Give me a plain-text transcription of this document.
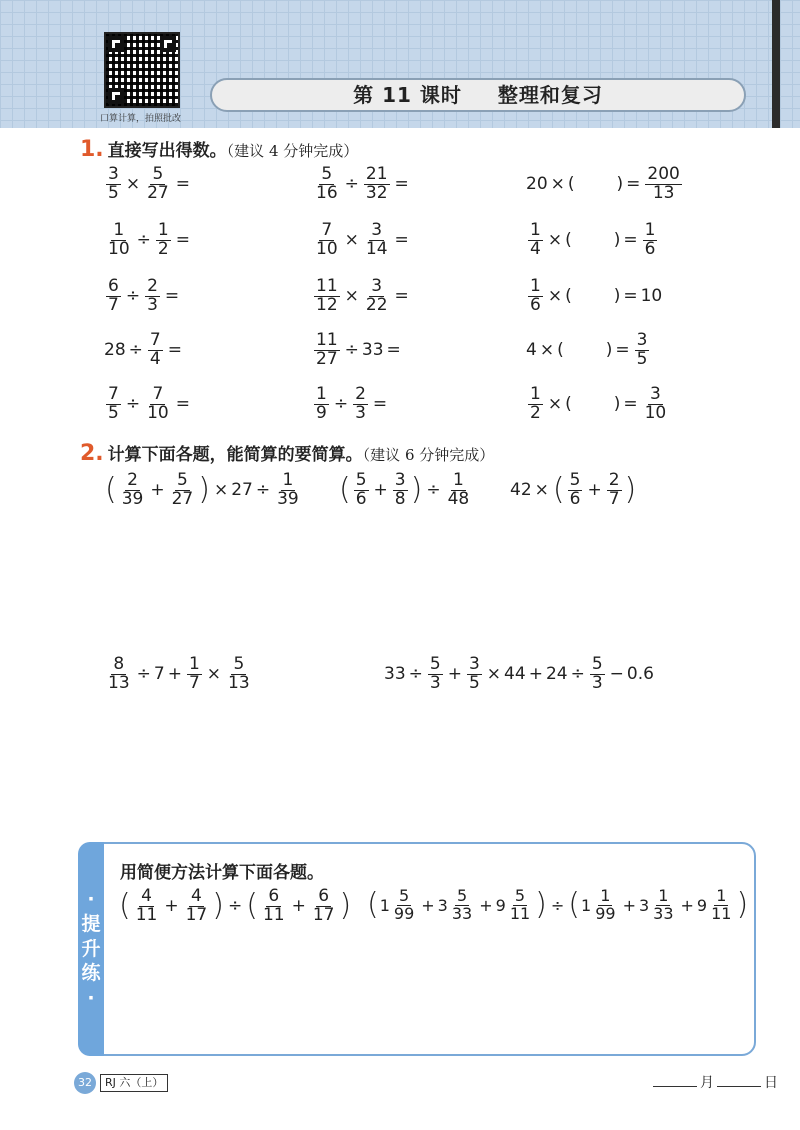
口算计算，拍照批改
第 11 课时 整理和复习
1. 直接写出得数。（建议 4 分钟完成）
$\frac{3}{5} \times \frac{5}{27}$ =	$\frac{5}{16} \div \frac{21}{32}$ =	20 × ( ) = $\frac{200}{13}$
$\frac{1}{10} \div \frac{1}{2}$ =	$\frac{7}{10} \times \frac{3}{14}$ =	$\frac{1}{4}$ × ( ) = $\frac{1}{6}$
$\frac{6}{7} \div \frac{2}{3}$ =	$\frac{11}{12} \times \frac{3}{22}$ =	$\frac{1}{6}$ × ( ) = 10
$28 \div \frac{7}{4}$ =	$\frac{11}{27} \div 33$ =	4 × ( ) = $\frac{3}{5}$
$\frac{7}{5} \div \frac{7}{10}$ =	$\frac{1}{9} \div \frac{2}{3}$ =	$\frac{1}{2}$ × ( ) = $\frac{3}{10}$
2. 计算下面各题，能简算的要简算。（建议 6 分钟完成）
( $\frac{2}{39} + \frac{5}{27}$ ) × $27 \div \frac{1}{39}$ ( $\frac{5}{6} + \frac{3}{8}$ ) ÷ $\frac{1}{48} 42$ × ( $\frac{5}{6} + \frac{2}{7}$ )
$\frac{8}{13} \div 7 + \frac{1}{7} \times \frac{5}{13}$	$33 \div \frac{5}{3} + \frac{3}{5} \times 44 + 24 \div \frac{5}{3} - 0.6$
·
提
升
练
·
用简便方法计算下面各题。
( $\frac{4}{11} + \frac{4}{17}$ ) ÷ ( $\frac{6}{11} + \frac{6}{17}$ ) ( $1 \frac{5}{99} + 3 \frac{5}{33} + 9 \frac{5}{11}$ ) ÷ ( $1 \frac{1}{99} + 3 \frac{1}{33} + 9 \frac{1}{11}$ )
32	RJ 六（上）	月	日
